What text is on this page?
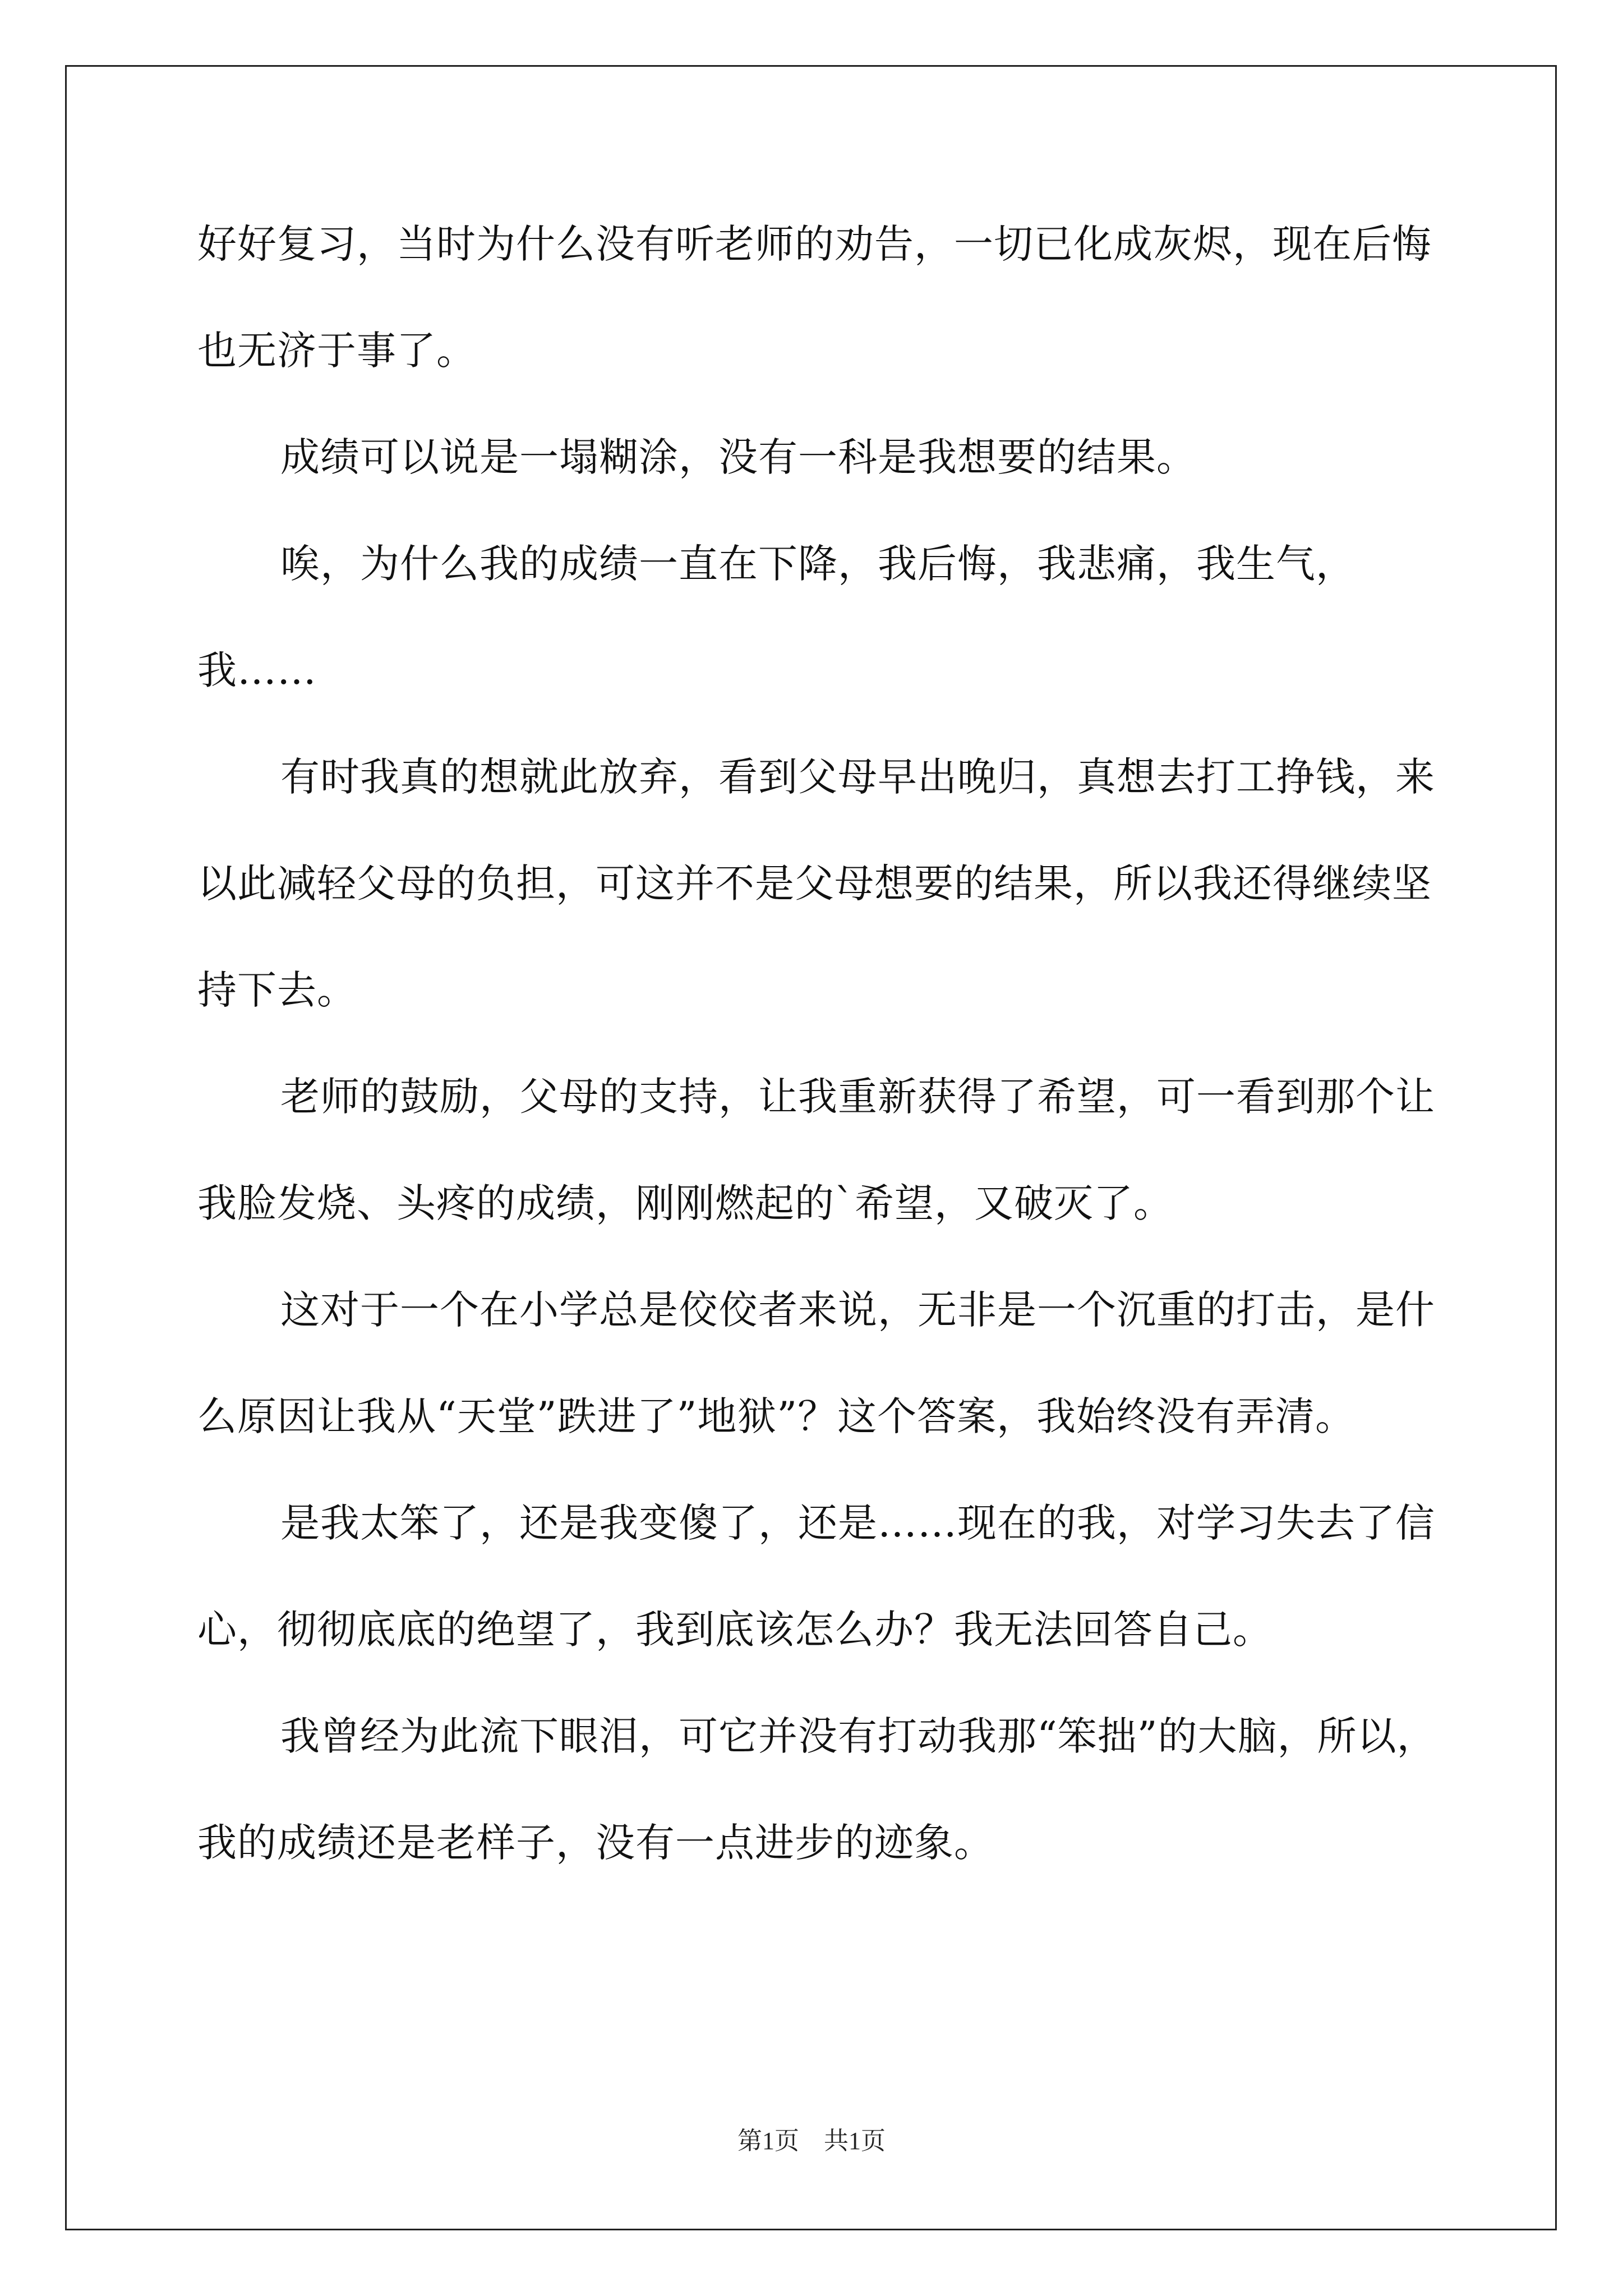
好好复习，当时为什么没有听老师的劝告，一切已化成灰烬，现在后悔也无济于事了。

成绩可以说是一塌糊涂，没有一科是我想要的结果。

唉，为什么我的成绩一直在下降，我后悔，我悲痛，我生气，我……

有时我真的想就此放弃，看到父母早出晚归，真想去打工挣钱，来以此减轻父母的负担，可这并不是父母想要的结果，所以我还得继续坚持下去。

老师的鼓励，父母的支持，让我重新获得了希望，可一看到那个让我脸发烧、头疼的成绩，刚刚燃起的`希望，又破灭了。

这对于一个在小学总是佼佼者来说，无非是一个沉重的打击，是什么原因让我从“天堂”跌进了”地狱”？这个答案，我始终没有弄清。

是我太笨了，还是我变傻了，还是……现在的我，对学习失去了信心，彻彻底底的绝望了，我到底该怎么办？我无法回答自己。

我曾经为此流下眼泪，可它并没有打动我那“笨拙”的大脑，所以，我的成绩还是老样子，没有一点进步的迹象。

第1页　共1页
